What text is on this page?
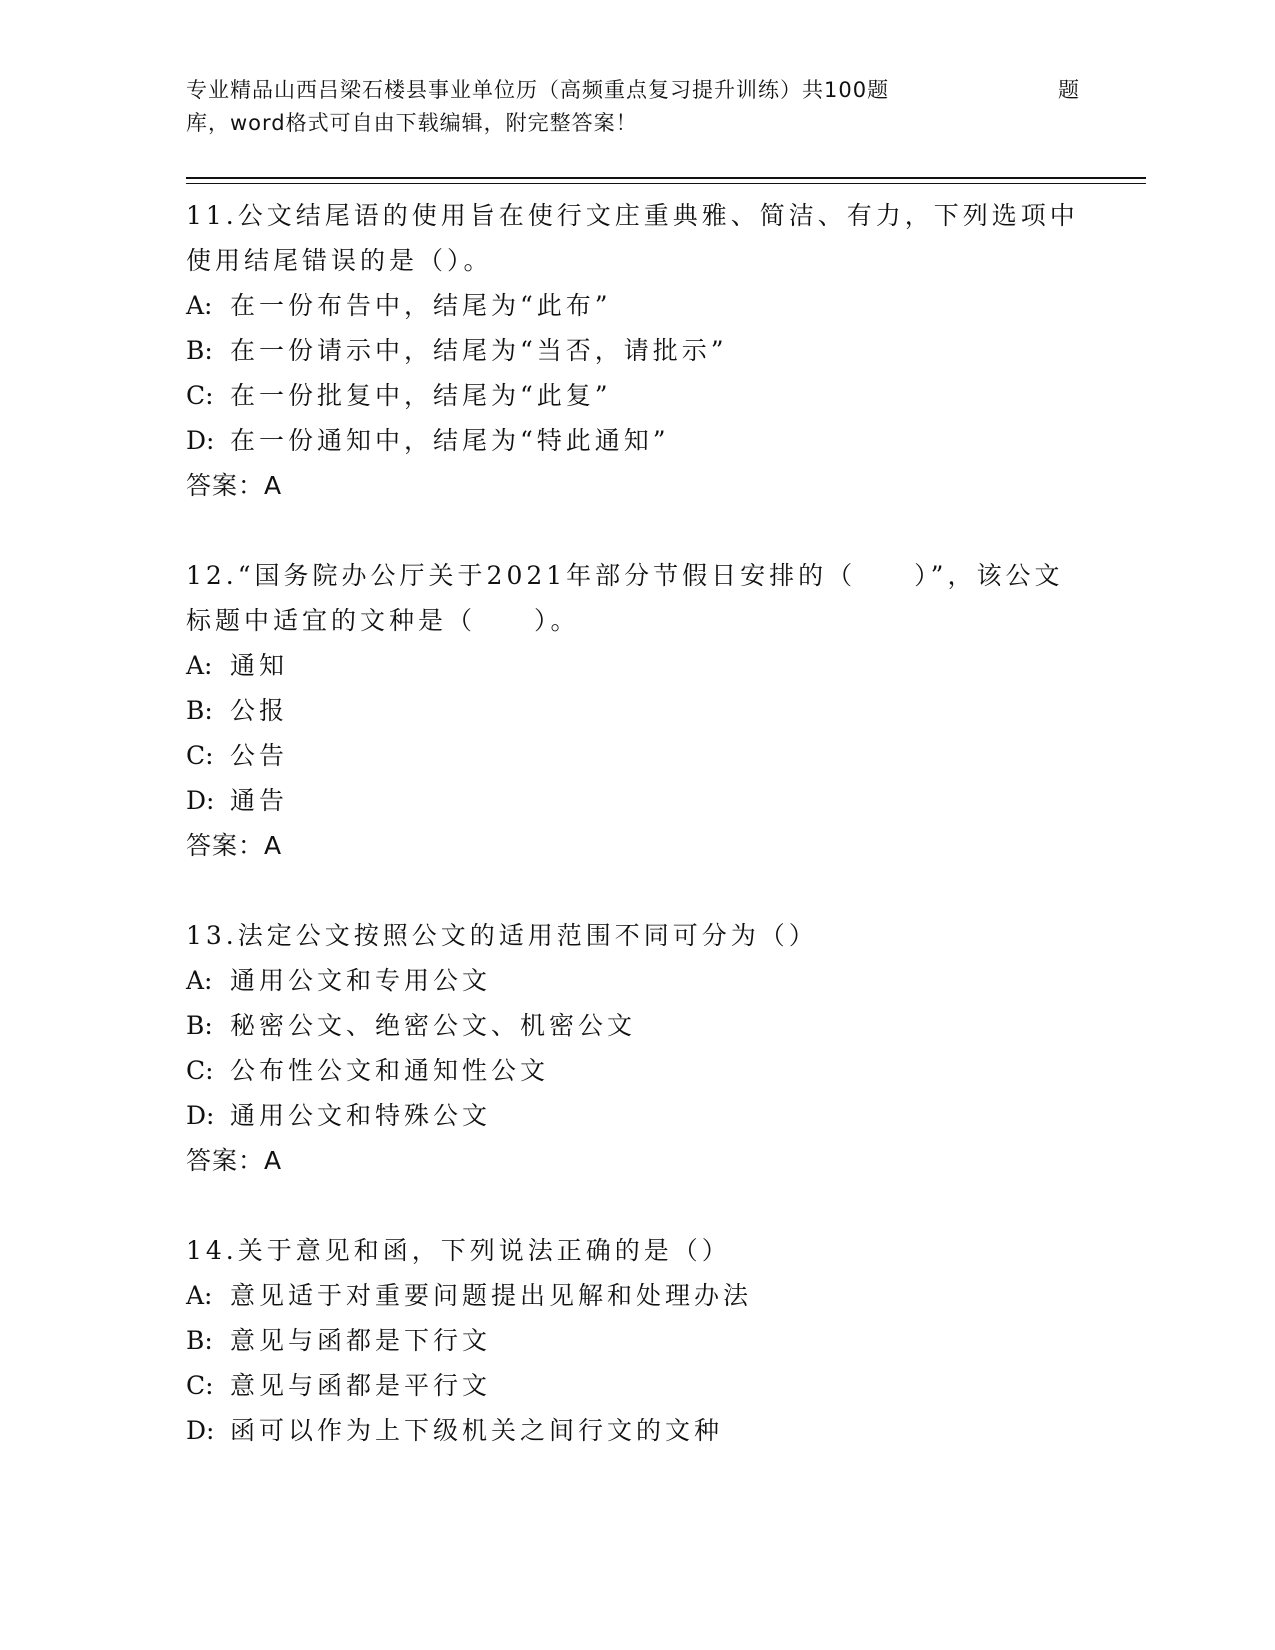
专业精品山西吕梁石楼县事业单位历（高频重点复习提升训练）共100题	题
库，word格式可自由下载编辑，附完整答案！
11.公文结尾语的使用旨在使行文庄重典雅、简洁、有力，下列选项中使用结尾错误的是（）。
A: 在一份布告中，结尾为“此布”
B: 在一份请示中，结尾为“当否，请批示”
C: 在一份批复中，结尾为“此复”
D: 在一份通知中，结尾为“特此通知”
答案：A
12.“国务院办公厅关于2021年部分节假日安排的（　　）”，该公文标题中适宜的文种是（　　）。
A: 通知
B: 公报
C: 公告
D: 通告
答案：A
13.法定公文按照公文的适用范围不同可分为（）
A: 通用公文和专用公文
B: 秘密公文、绝密公文、机密公文
C: 公布性公文和通知性公文
D: 通用公文和特殊公文
答案：A
14.关于意见和函，下列说法正确的是（）
A: 意见适于对重要问题提出见解和处理办法
B: 意见与函都是下行文
C: 意见与函都是平行文
D: 函可以作为上下级机关之间行文的文种
